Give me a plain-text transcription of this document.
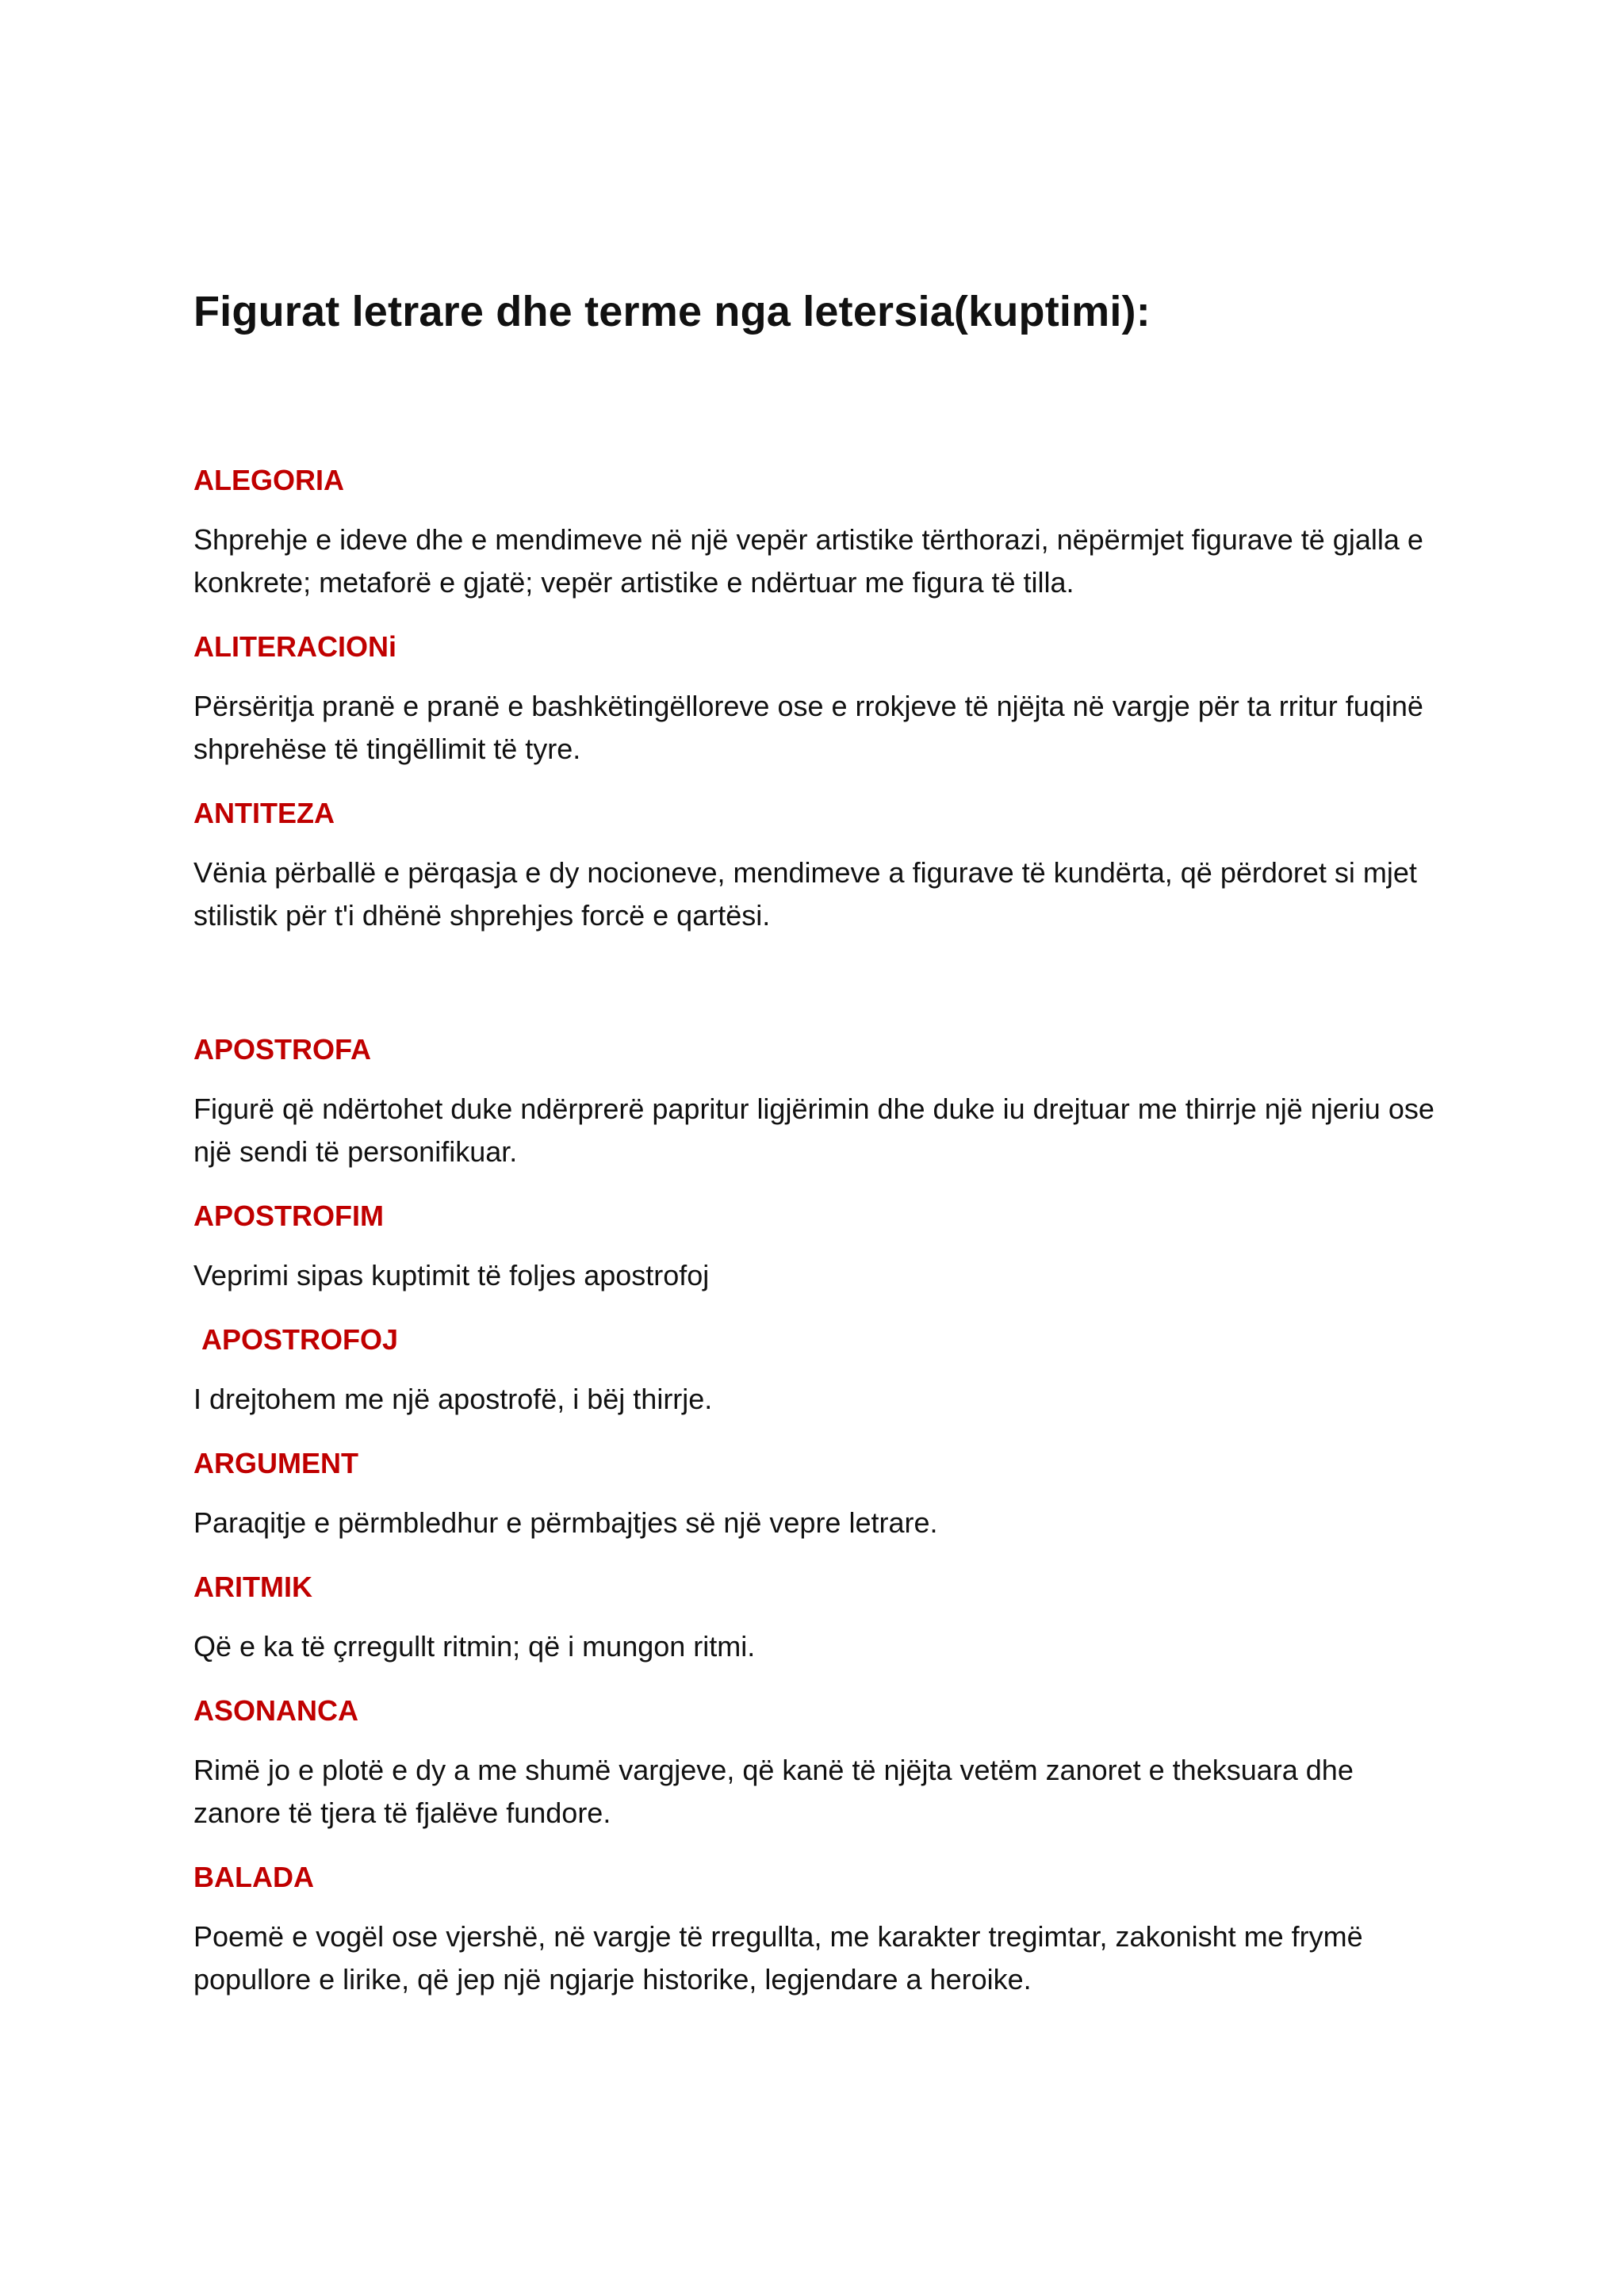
Figurat letrare dhe terme nga letersia(kuptimi):
ALEGORIA

Shprehje e ideve dhe e mendimeve në një vepër artistike tërthorazi, nëpërmjet figurave të gjalla e konkrete; metaforë e gjatë; vepër artistike e ndërtuar me figura të tilla.

ALITERACIONi

Përsëritja pranë e pranë e bashkëtingëlloreve ose e rrokjeve të njëjta në vargje për ta rritur fuqinë shprehëse të tingëllimit të tyre.

ANTITEZA

Vënia përballë e përqasja e dy nocioneve, mendimeve a figurave të kundërta, që përdoret si mjet stilistik për t'i dhënë shprehjes forcë e qartësi.

APOSTROFA

Figurë që ndërtohet duke ndërprerë papritur ligjërimin dhe duke iu drejtuar me thirrje një njeriu ose një sendi të personifikuar.

APOSTROFIM

Veprimi sipas kuptimit të foljes apostrofoj

APOSTROFOJ

I drejtohem me një apostrofë, i bëj thirrje.

ARGUMENT

Paraqitje e përmbledhur e përmbajtjes së një vepre letrare.

ARITMIK

Që e ka të çrregullt ritmin; që i mungon ritmi.

ASONANCA

Rimë jo e plotë e dy a me shumë vargjeve, që kanë të njëjta vetëm zanoret e theksuara dhe zanore të tjera të fjalëve fundore.

BALADA

Poemë e vogël ose vjershë, në vargje të rregullta, me karakter tregimtar, zakonisht me frymë popullore e lirike, që jep një ngjarje historike, legjendare a heroike.
